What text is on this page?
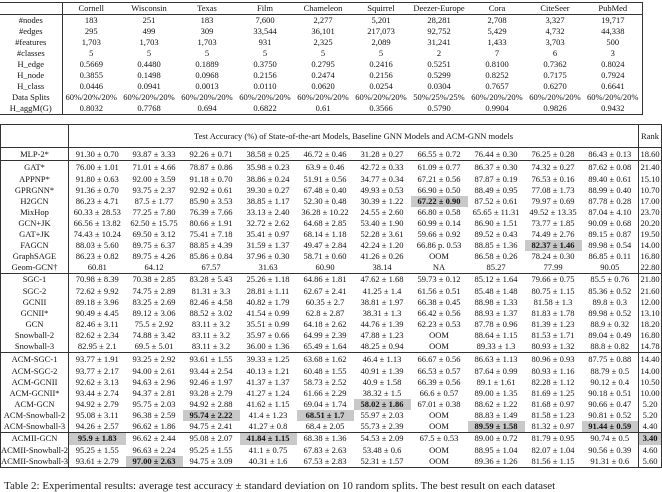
	Cornell	Wisconsin	Texas	Film	Chameleon	Squirrel	Deezer-Europe	Cora	CiteSeer	PubMed
#nodes	183	251	183	7,600	2,277	5,201	28,281	2,708	3,327	19,717
#edges	295	499	309	33,544	36,101	217,073	92,752	5,429	4,732	44,338
#features	1,703	1,703	1,703	931	2,325	2,089	31,241	1,433	3,703	500
#classes	5	5	5	5	5	5	2	7	6	3
H_edge	0.5669	0.4480	0.1889	0.3750	0.2795	0.2416	0.5251	0.8100	0.7362	0.8024
H_node	0.3855	0.1498	0.0968	0.2156	0.2474	0.2156	0.5299	0.8252	0.7175	0.7924
H_class	0.0446	0.0941	0.0013	0.0110	0.0620	0.0254	0.0304	0.7657	0.6270	0.6641
Data Splits	60%/20%/20%	60%/20%/20%	60%/20%/20%	60%/20%/20%	60%/20%/20%	60%/20%/20%	50%/25%/25%	60%/20%/20%	60%/20%/20%	60%/20%/20%
H_aggM(G)	0.8032	0.7768	0.694	0.6822	0.61	0.3566	0.5790	0.9904	0.9826	0.9432
	Test Accuracy (%) of State-of-the-art Models, Baseline GNN Models and ACM-GNN models										Rank
MLP-2*	91.30 ± 0.70	93.87 ± 3.33	92.26 ± 0.71	38.58 ± 0.25	46.72 ± 0.46	31.28 ± 0.27	66.55 ± 0.72	76.44 ± 0.30	76.25 ± 0.28	86.43 ± 0.13	18.60
GAT*	76.00 ± 1.01	71.01 ± 4.66	78.87 ± 0.86	35.98 ± 0.23	63.9 ± 0.46	42.72 ± 0.33	61.09 ± 0.77	86.37 ± 0.30	74.32 ± 0.27	87.62 ± 0.08	21.40
APPNP*	91.80 ± 0.63	92.00 ± 3.59	91.18 ± 0.70	38.86 ± 0.24	51.91 ± 0.56	34.77 ± 0.34	67.21 ± 0.56	87.87 ± 0.19	76.53 ± 0.16	89.40 ± 0.61	15.10
GPRGNN*	91.36 ± 0.70	93.75 ± 2.37	92.92 ± 0.61	39.30 ± 0.27	67.48 ± 0.40	49.93 ± 0.53	66.90 ± 0.50	88.49 ± 0.95	77.08 ± 1.73	88.99 ± 0.40	10.70
H2GCN	86.23 ± 4.71	87.5 ± 1.77	85.90 ± 3.53	38.85 ± 1.17	52.30 ± 0.48	30.39 ± 1.22	67.22 ± 0.90	87.52 ± 0.61	79.97 ± 0.69	87.78 ± 0.28	17.00
MixHop	60.33 ± 28.53	77.25 ± 7.80	76.39 ± 7.66	33.13 ± 2.40	36.28 ± 10.22	24.55 ± 2.60	66.80 ± 0.58	65.65 ± 11.31	49.52 ± 13.35	87.04 ± 4.10	23.70
GCN+JK	66.56 ± 13.82	62.50 ± 15.75	80.66 ± 1.91	32.72 ± 2.62	64.68 ± 2.85	53.40 ± 1.90	60.99 ± 0.14	86.90 ± 1.51	73.77 ± 1.85	90.09 ± 0.68	20.20
GAT+JK	74.43 ± 10.24	69.50 ± 3.12	75.41 ± 7.18	35.41 ± 0.97	68.14 ± 1.18	52.28 ± 3.61	59.66 ± 0.92	89.52 ± 0.43	74.49 ± 2.76	89.15 ± 0.87	19.50
FAGCN	88.03 ± 5.60	89.75 ± 6.37	88.85 ± 4.39	31.59 ± 1.37	49.47 ± 2.84	42.24 ± 1.20	66.86 p. 0.53	88.85 ± 1.36	82.37 ± 1.46	89.98 ± 0.54	14.00
GraphSAGE	86.23 ± 0.82	89.75 ± 4.26	85.86 ± 0.84	37.96 ± 0.30	58.71 ± 0.60	41.26 ± 0.26	OOM	86.58 ± 0.26	78.24 ± 0.30	86.85 ± 0.11	16.80
Geom-GCN†	60.81	64.12	67.57	31.63	60.90	38.14	NA	85.27	77.99	90.05	22.80
SGC-1	70.98 ± 8.39	70.38 ± 2.85	83.28 ± 5.43	25.26 ± 1.18	64.86 ± 1.81	47.62 ± 1.68	59.73 ± 0.12	85.12 ± 1.64	79.66 ± 0.75	85.5 ± 0.76	21.80
SGC-2	72.62 ± 9.92	74.75 ± 2.89	81.31 ± 3.3	28.81 ± 1.11	62.67 ± 2.41	41.25 ± 1.4	61.56 ± 0.51	85.48 ± 1.48	80.75 ± 1.15	85.36 ± 0.52	21.60
GCNII	89.18 ± 3.96	83.25 ± 2.69	82.46 ± 4.58	40.82 ± 1.79	60.35 ± 2.7	38.81 ± 1.97	66.38 ± 0.45	88.98 ± 1.33	81.58 ± 1.3	89.8 ± 0.3	12.00
GCNII*	90.49 ± 4.45	89.12 ± 3.06	88.52 ± 3.02	41.54 ± 0.99	62.8 ± 2.87	38.31 ± 1.3	66.42 ± 0.56	88.93 ± 1.37	81.83 ± 1.78	89.98 ± 0.52	13.10
GCN	82.46 ± 3.11	75.5 ± 2.92	83.11 ± 3.2	35.51 ± 0.99	64.18 ± 2.62	44.76 ± 1.39	62.23 ± 0.53	87.78 ± 0.96	81.39 ± 1.23	88.9 ± 0.32	18.20
Snowball-2	82.62 ± 2.34	74.88 ± 3.42	83.11 ± 3.2	35.97 ± 0.66	64.99 ± 2.39	47.88 ± 1.23	OOM	88.64 ± 1.15	81.53 ± 1.71	89.04 ± 0.49	16.80
Snowball-3	82.95 ± 2.1	69.5 ± 5.01	83.11 ± 3.2	36.00 ± 1.36	65.49 ± 1.64	48.25 ± 0.94	OOM	89.33 ± 1.3	80.93 ± 1.32	88.8 ± 0.82	14.78
ACM-SGC-1	93.77 ± 1.91	93.25 ± 2.92	93.61 ± 1.55	39.33 ± 1.25	63.68 ± 1.62	46.4 ± 1.13	66.67 ± 0.56	86.63 ± 1.13	80.96 ± 0.93	87.75 ± 0.88	14.40
ACM-SGC-2	93.77 ± 2.17	94.00 ± 2.61	93.44 ± 2.54	40.13 ± 1.21	60.48 ± 1.55	40.91 ± 1.39	66.53 ± 0.57	87.64 ± 0.99	80.93 ± 1.16	88.79 ± 0.5	14.00
ACM-GCNII	92.62 ± 3.13	94.63 ± 2.96	92.46 ± 1.97	41.37 ± 1.37	58.73 ± 2.52	40.9 ± 1.58	66.39 ± 0.56	89.1 ± 1.61	82.28 ± 1.12	90.12 ± 0.4	10.50
ACM-GCNII*	93.44 ± 2.74	94.37 ± 2.81	93.28 ± 2.79	41.27 ± 1.24	61.66 ± 2.29	38.32 ± 1.5	66.6 ± 0.57	89.00 ± 1.35	81.69 ± 1.25	90.18 ± 0.51	10.00
ACM-GCN	94.92 ± 2.79	95.75 ± 2.03	94.92 ± 2.88	41.62 ± 1.15	69.04 ± 1.74	58.02 ± 1.86	67.01 ± 0.38	88.62 ± 1.22	81.68 ± 0.97	90.66 ± 0.47	5.20
ACM-Snowball-2	95.08 ± 3.11	96.38 ± 2.59	95.74 ± 2.22	41.4 ± 1.23	68.51 ± 1.7	55.97 ± 2.03	OOM	88.83 ± 1.49	81.58 ± 1.23	90.81 ± 0.52	5.20
ACM-Snowball-3	94.26 ± 2.57	96.62 ± 1.86	94.75 ± 2.41	41.27 ± 0.8	68.4 ± 2.05	55.73 ± 2.39	OOM	89.59 ± 1.58	81.32 ± 0.97	91.44 ± 0.59	4.40
ACMII-GCN	95.9 ± 1.83	96.62 ± 2.44	95.08 ± 2.07	41.84 ± 1.15	68.38 ± 1.36	54.53 ± 2.09	67.5 ± 0.53	89.00 ± 0.72	81.79 ± 0.95	90.74 ± 0.5	3.40
ACMII-Snowball-2	95.25 ± 1.55	96.63 ± 2.24	95.25 ± 1.55	41.1 ± 0.75	67.83 ± 2.63	53.48 ± 0.6	OOM	88.95 ± 1.04	82.07 ± 1.04	90.56 ± 0.39	4.60
ACMII-Snowball-3	93.61 ± 2.79	97.00 ± 2.63	94.75 ± 3.09	40.31 ± 1.6	67.53 ± 2.83	52.31 ± 1.57	OOM	89.36 ± 1.26	81.56 ± 1.15	91.31 ± 0.6	5.60
Table 2: Experimental results: average test accuracy ± standard deviation on 10 random splits. The best result on each dataset
